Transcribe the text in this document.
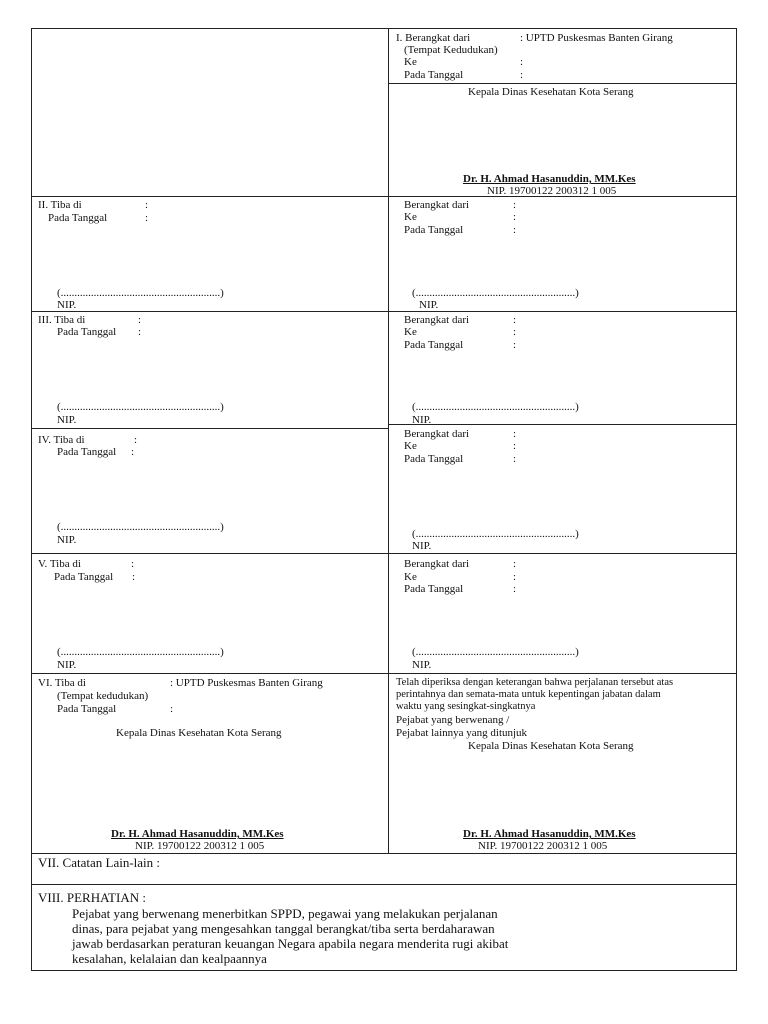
I. Berangkat dari	: UPTD Puskesmas Banten Girang
(Tempat Kedudukan)
Ke	:
Pada Tanggal	:
Kepala Dinas Kesehatan Kota Serang
Dr. H. Ahmad Hasanuddin, MM.Kes
NIP. 19700122 200312 1 005
II. Tiba di	:
Pada Tanggal	:
(..........................................................)
NIP.
Berangkat dari	:
Ke	:
Pada Tanggal	:
(..........................................................)
NIP.
III. Tiba di	:
Pada Tanggal :
(..........................................................)
NIP.
Berangkat dari	:
Ke	:
Pada Tanggal	:
(..........................................................)
NIP.
IV. Tiba di	:
Pada Tanggal :
(..........................................................)
NIP.
Berangkat dari	:
Ke	:
Pada Tanggal	:
(..........................................................)
NIP.
V. Tiba di	:
Pada Tanggal :
(..........................................................)
NIP.
Berangkat dari	:
Ke	:
Pada Tanggal	:
(..........................................................)
NIP.
VI. Tiba di	: UPTD Puskesmas Banten Girang
(Tempat kedudukan)
Pada Tanggal	:
Kepala Dinas Kesehatan Kota Serang
Dr. H. Ahmad Hasanuddin, MM.Kes
NIP. 19700122 200312 1 005
Telah diperiksa dengan keterangan bahwa perjalanan tersebut atas
perintahnya dan semata-mata untuk kepentingan jabatan dalam
waktu yang sesingkat-singkatnya
Pejabat yang berwenang /
Pejabat lainnya yang ditunjuk
Kepala Dinas Kesehatan Kota Serang
Dr. H. Ahmad Hasanuddin, MM.Kes
NIP. 19700122 200312 1 005
VII. Catatan Lain-lain :
VIII. PERHATIAN :
Pejabat yang berwenang menerbitkan SPPD, pegawai yang melakukan perjalanan
dinas, para pejabat yang mengesahkan tanggal berangkat/tiba serta berdaharawan
jawab berdasarkan peraturan keuangan Negara apabila negara menderita rugi akibat
kesalahan, kelalaian dan kealpaannya
